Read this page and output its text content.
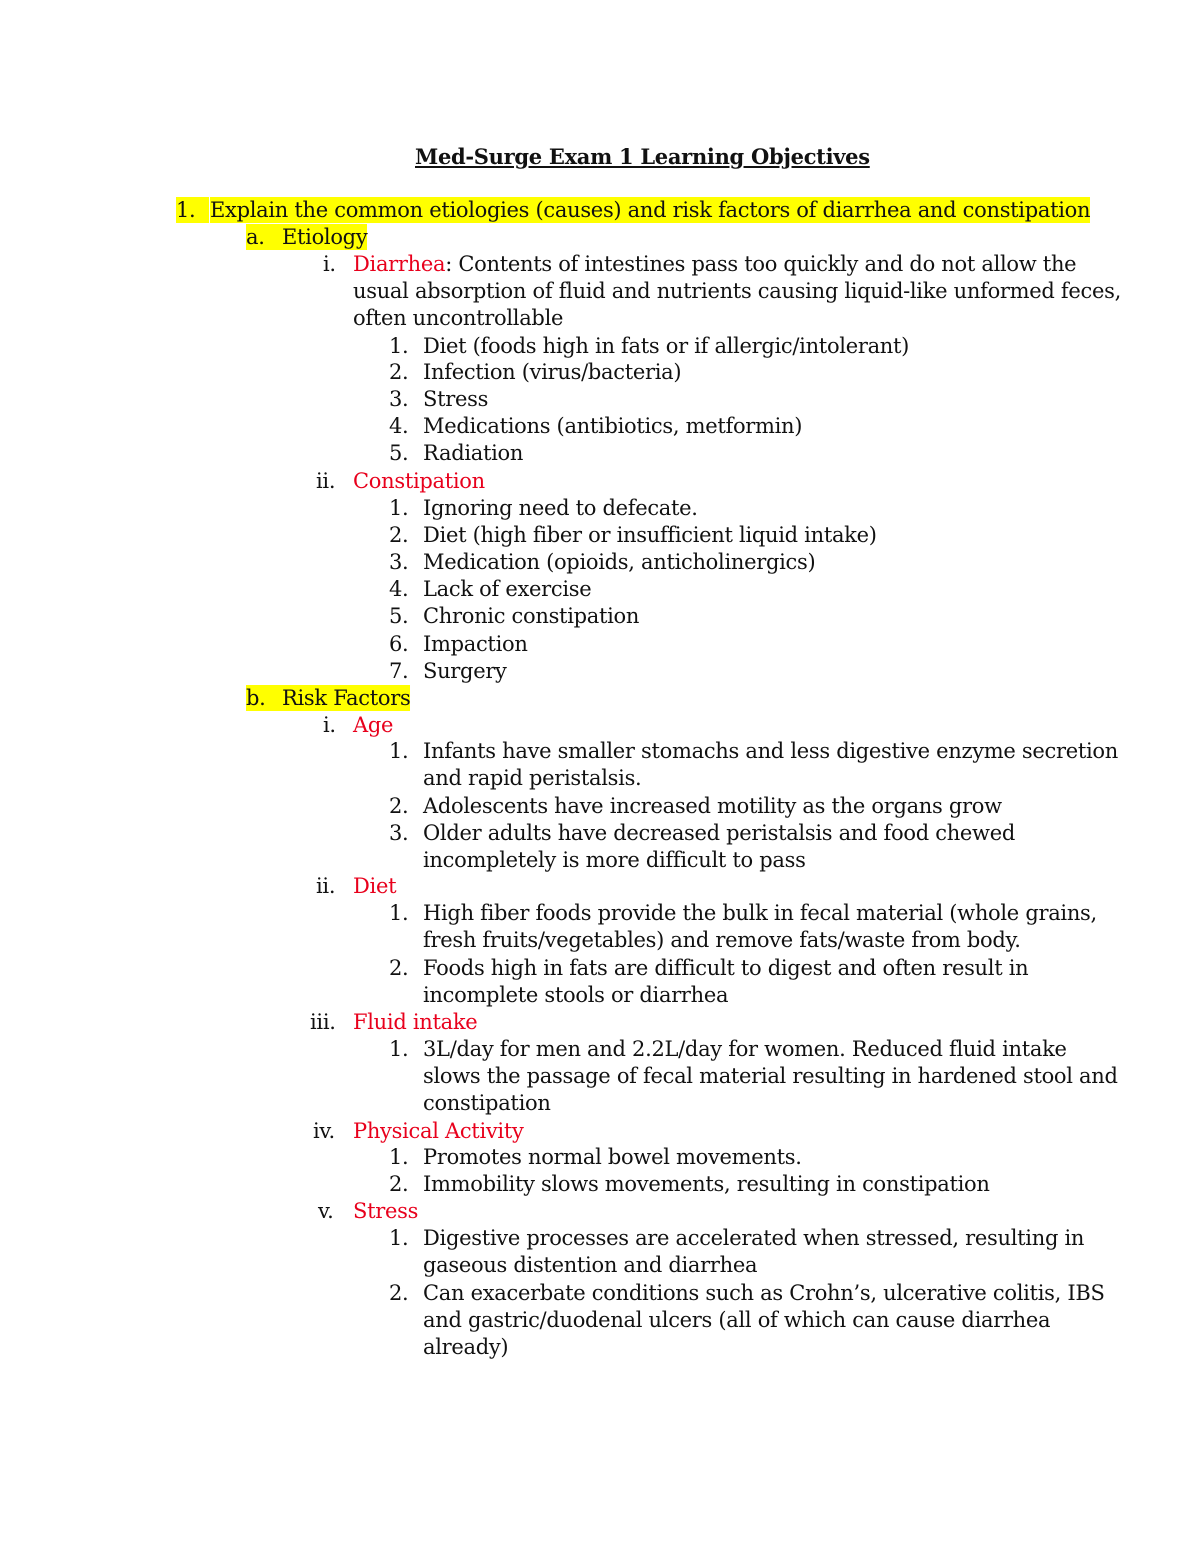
Med-Surge Exam 1 Learning Objectives
1. Explain the common etiologies (causes) and risk factors of diarrhea and constipation
a. Etiology
i. Diarrhea: Contents of intestines pass too quickly and do not allow the
usual absorption of fluid and nutrients causing liquid-like unformed feces,
often uncontrollable
1. Diet (foods high in fats or if allergic/intolerant)
2. Infection (virus/bacteria)
3. Stress
4. Medications (antibiotics, metformin)
5. Radiation
ii. Constipation
1. Ignoring need to defecate.
2. Diet (high fiber or insufficient liquid intake)
3. Medication (opioids, anticholinergics)
4. Lack of exercise
5. Chronic constipation
6. Impaction
7. Surgery
b. Risk Factors
i. Age
1. Infants have smaller stomachs and less digestive enzyme secretion
and rapid peristalsis.
2. Adolescents have increased motility as the organs grow
3. Older adults have decreased peristalsis and food chewed
incompletely is more difficult to pass
ii. Diet
1. High fiber foods provide the bulk in fecal material (whole grains,
fresh fruits/vegetables) and remove fats/waste from body.
2. Foods high in fats are difficult to digest and often result in
incomplete stools or diarrhea
iii. Fluid intake
1. 3L/day for men and 2.2L/day for women. Reduced fluid intake
slows the passage of fecal material resulting in hardened stool and
constipation
iv. Physical Activity
1. Promotes normal bowel movements.
2. Immobility slows movements, resulting in constipation
v. Stress
1. Digestive processes are accelerated when stressed, resulting in
gaseous distention and diarrhea
2. Can exacerbate conditions such as Crohn’s, ulcerative colitis, IBS
and gastric/duodenal ulcers (all of which can cause diarrhea
already)
